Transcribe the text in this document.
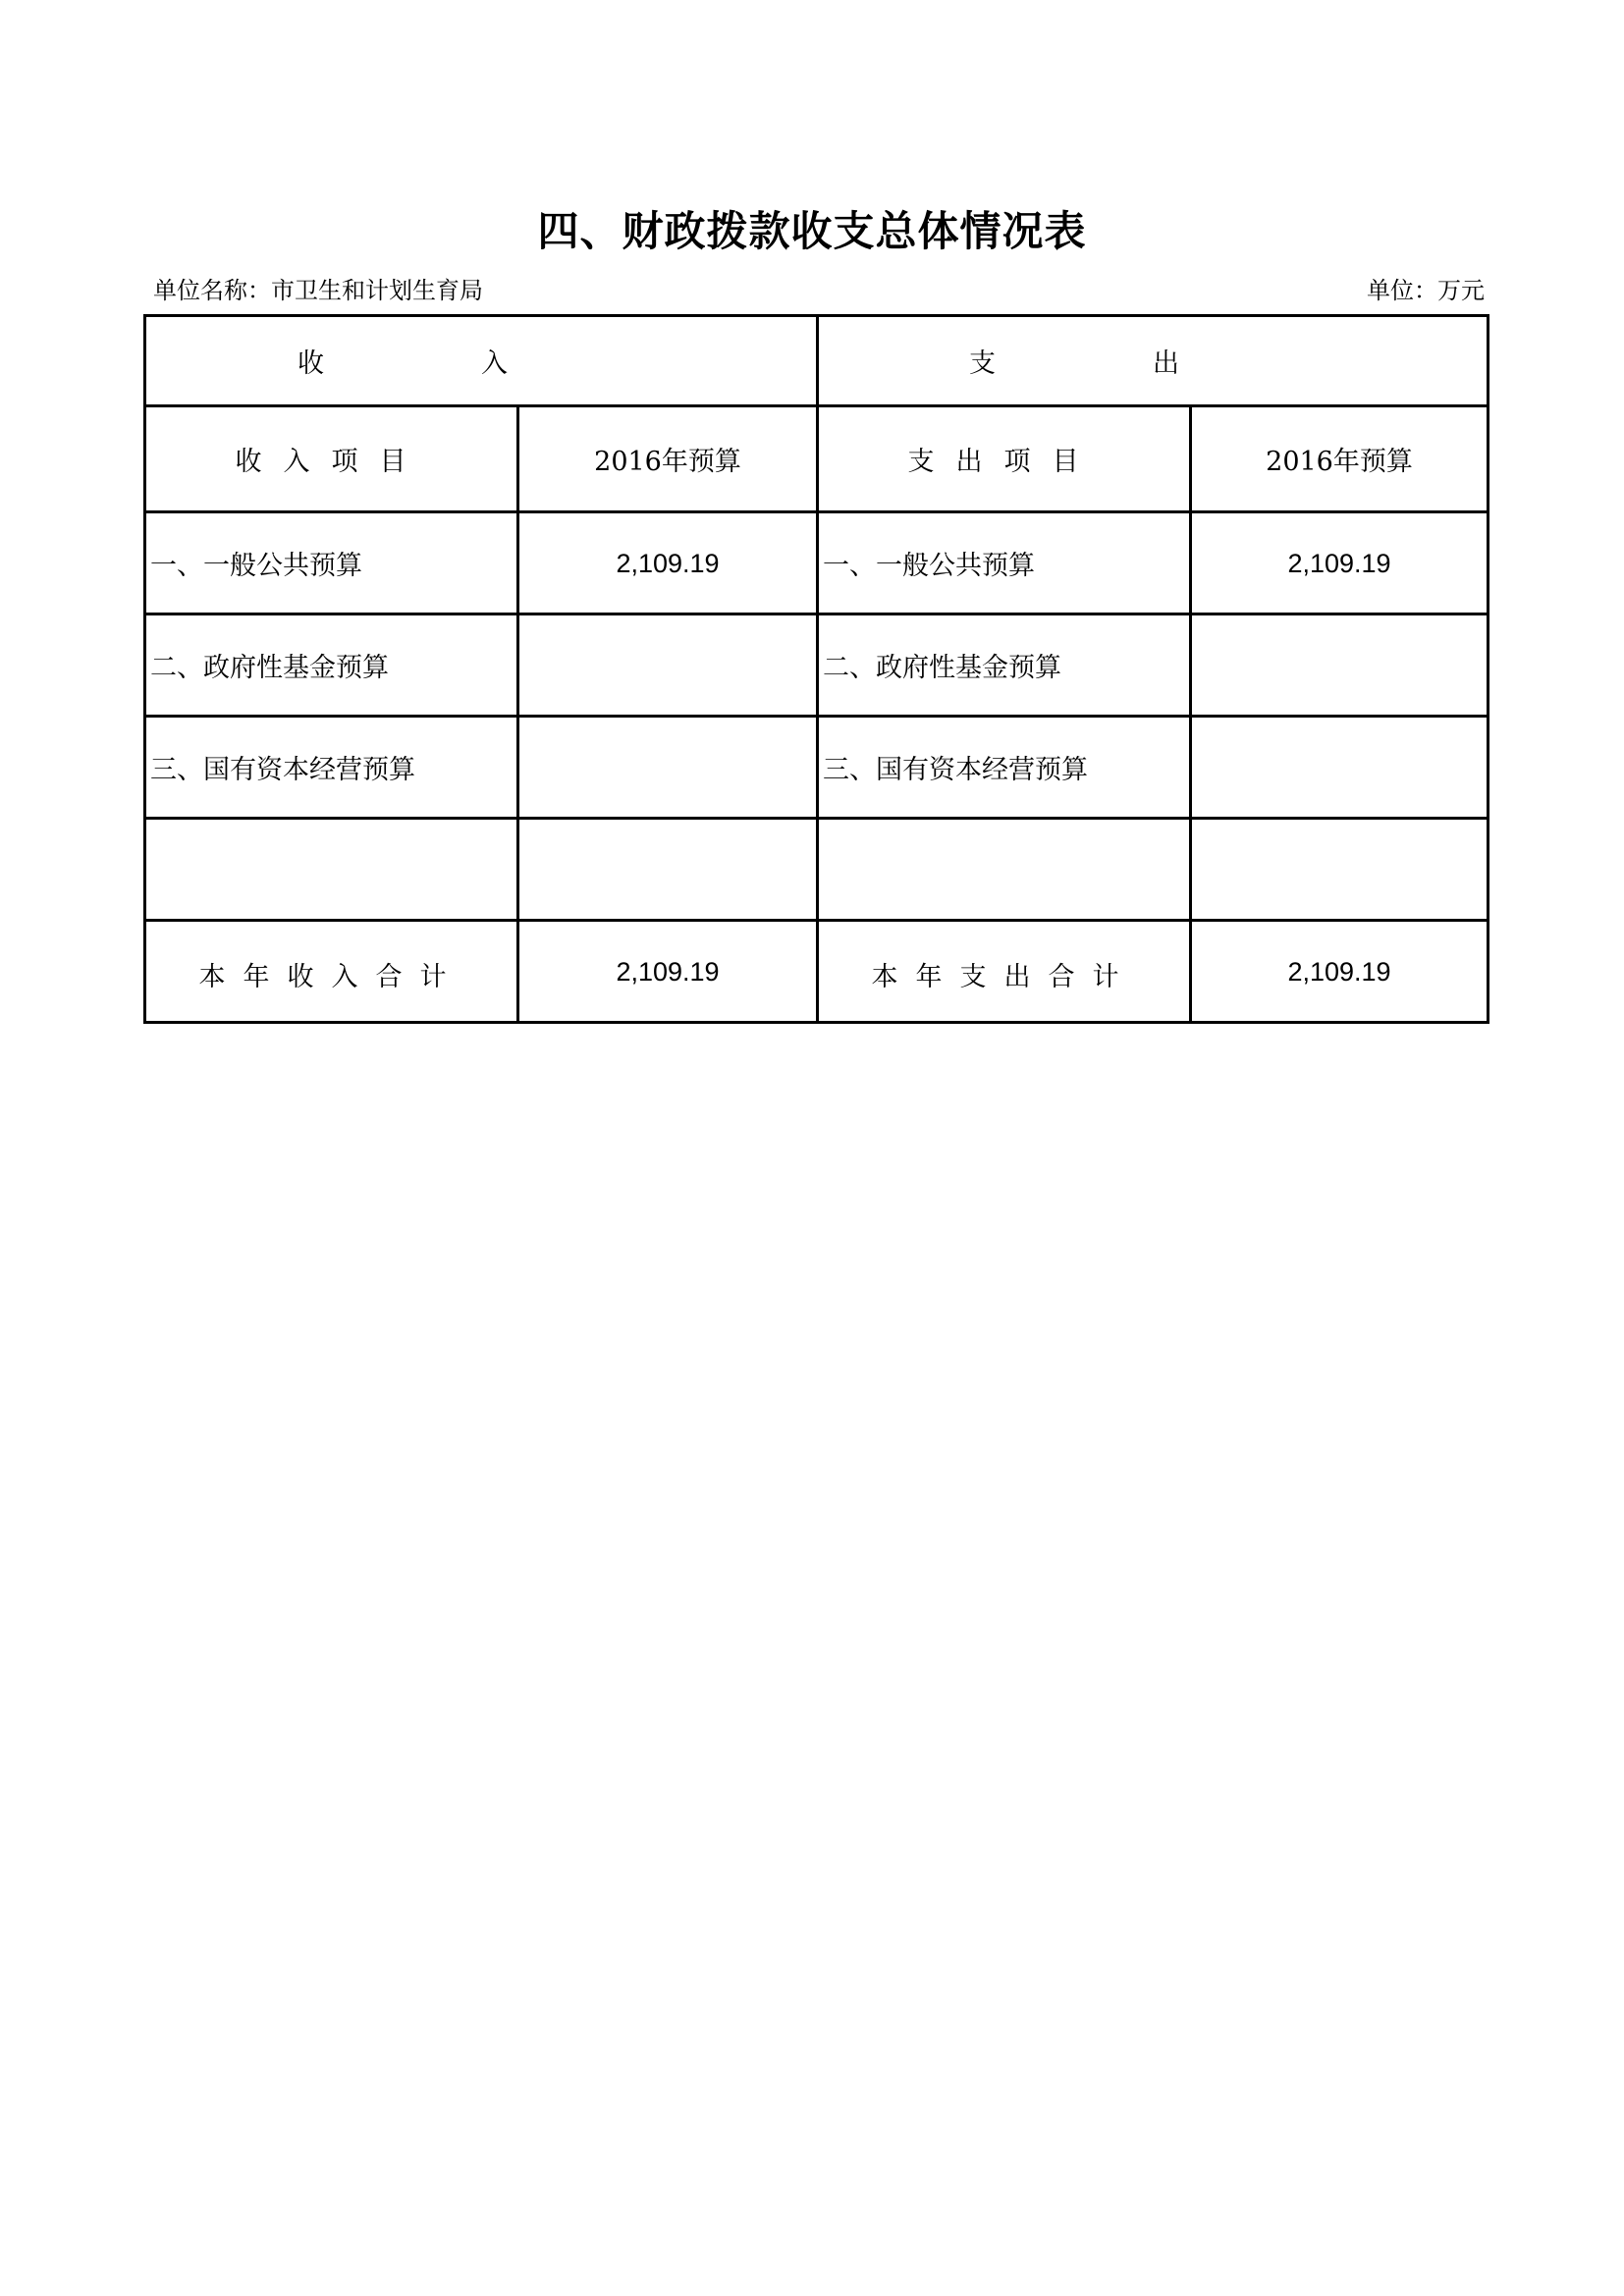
四、财政拨款收支总体情况表
单位名称：市卫生和计划生育局	单位：万元
收入		支出	
收入项目	2016年预算	支出项目	2016年预算
一、一般公共预算	2,109.19	一、一般公共预算	2,109.19
二、政府性基金预算		二、政府性基金预算	
三、国有资本经营预算		三、国有资本经营预算	

本年收入合计	2,109.19	本年支出合计	2,109.19
